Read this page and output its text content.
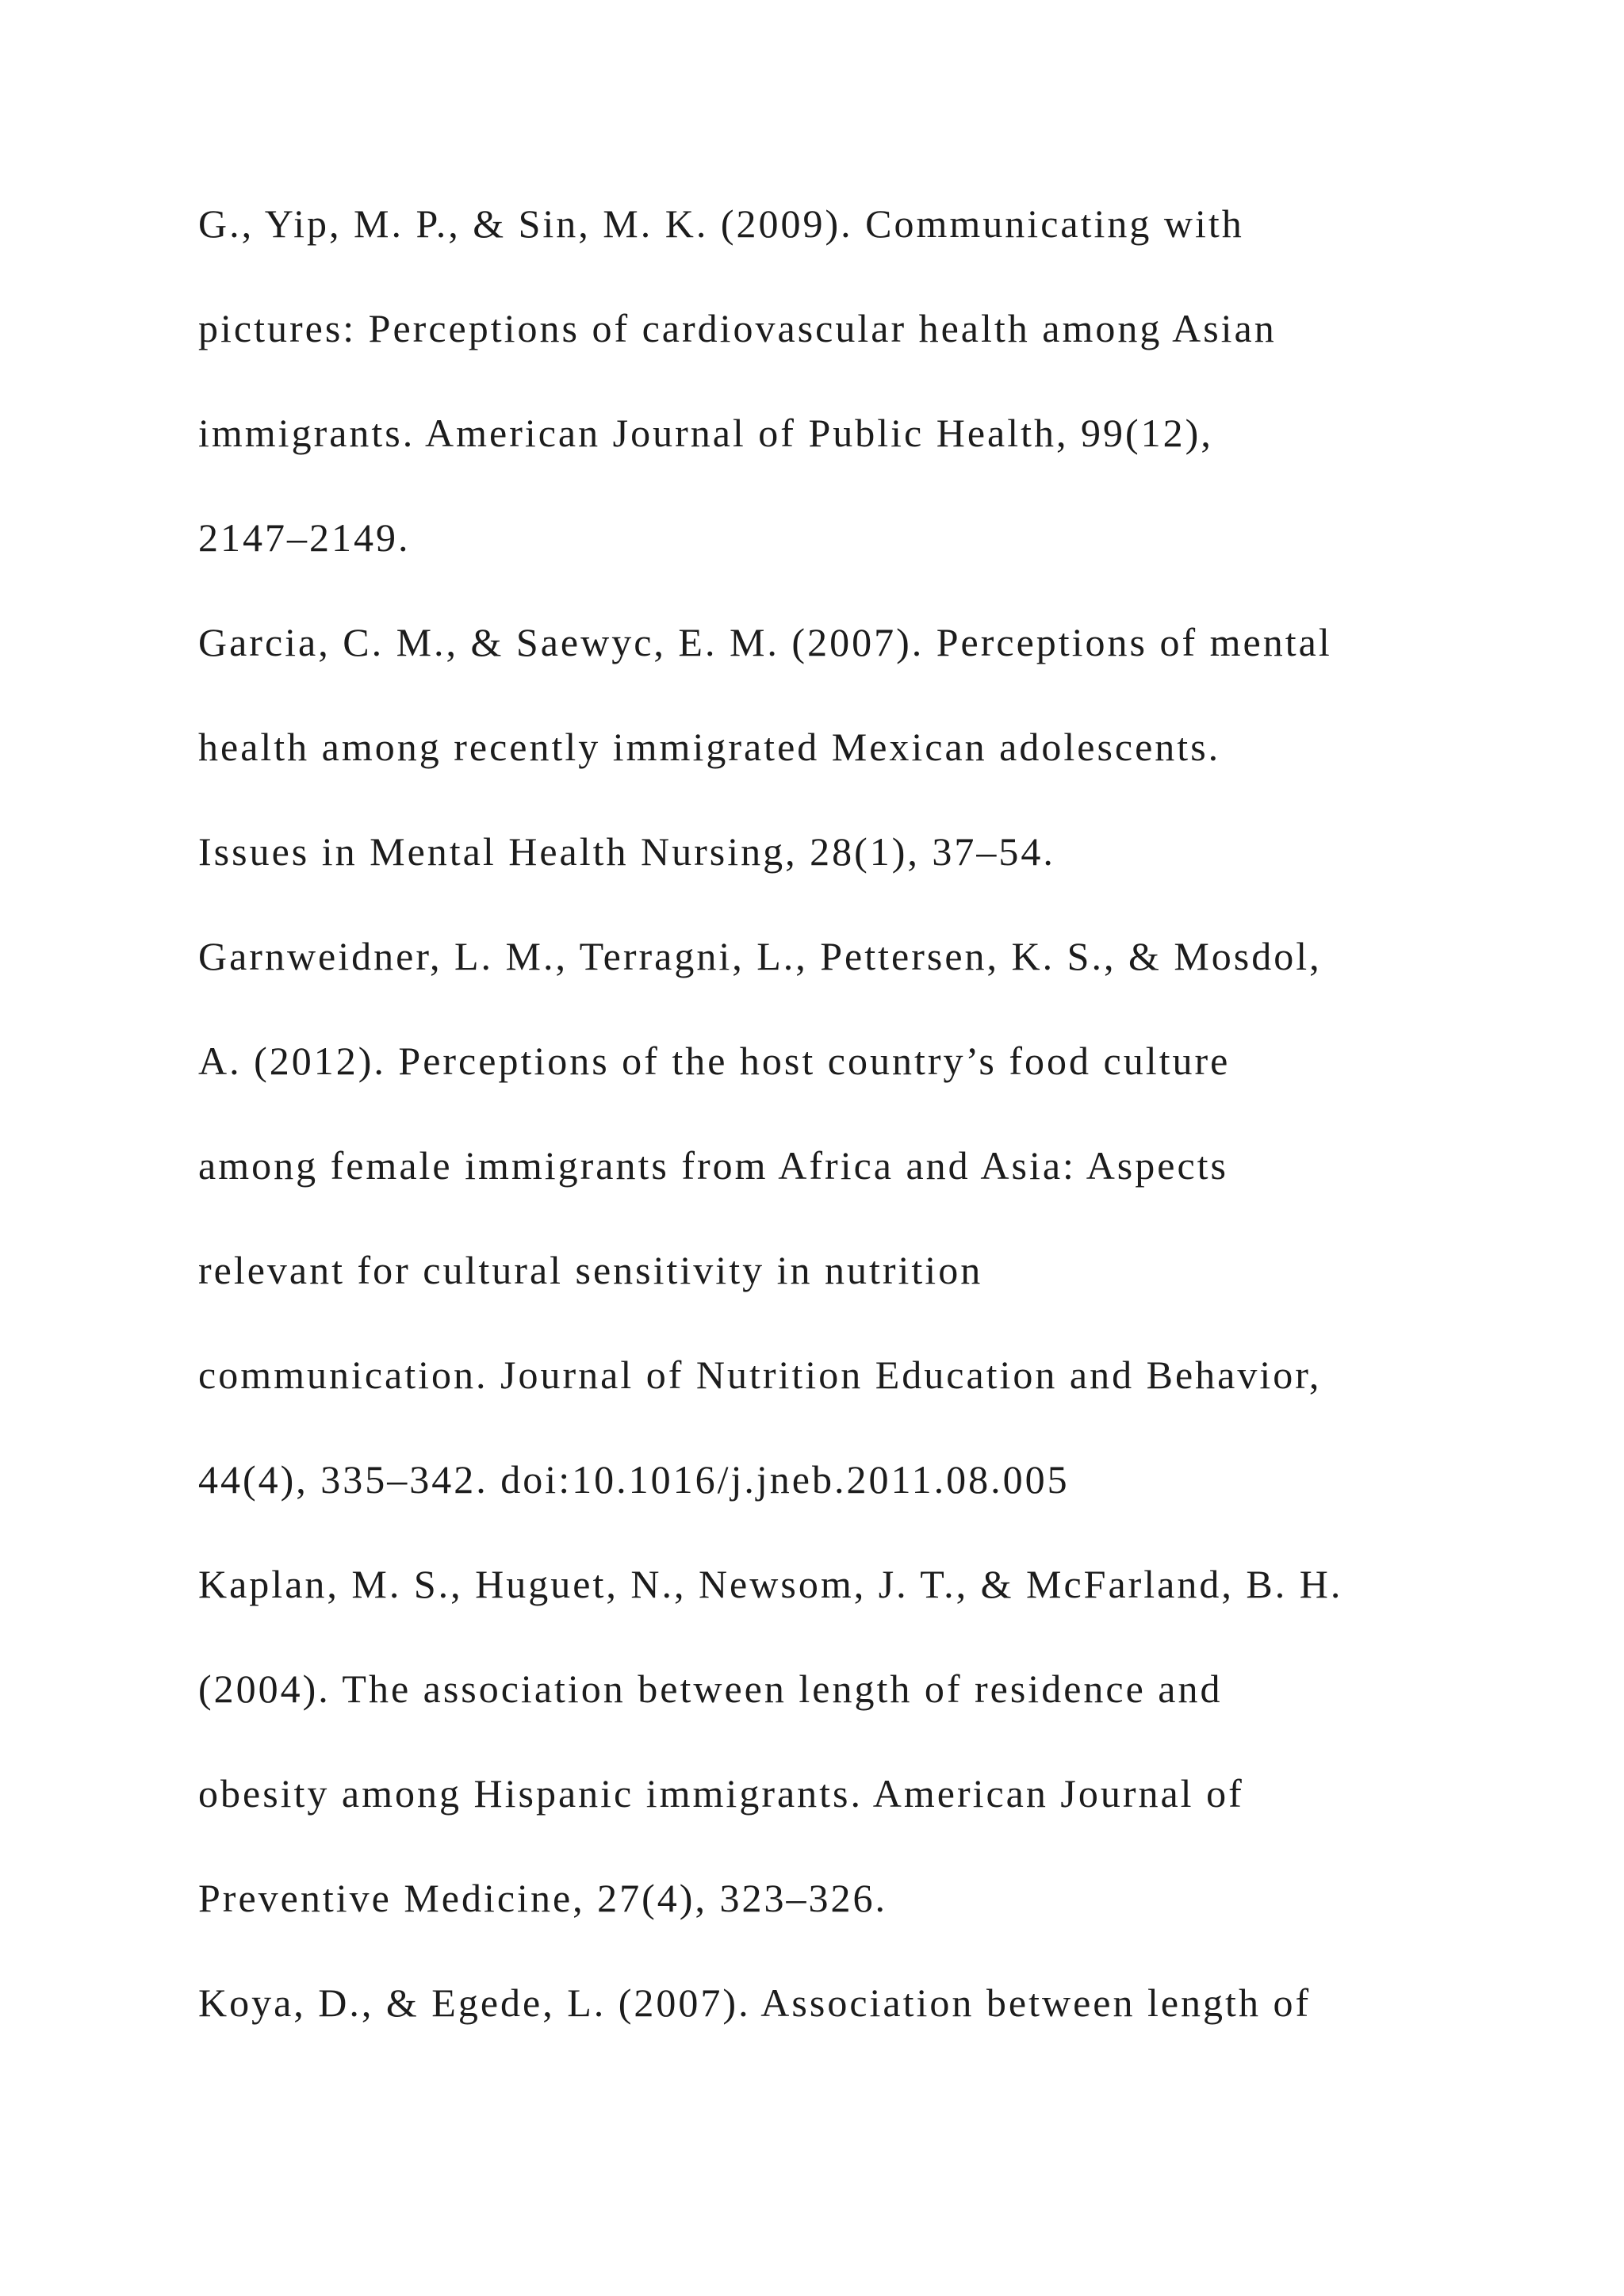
G., Yip, M. P., & Sin, M. K. (2009). Communicating with
pictures: Perceptions of cardiovascular health among Asian
immigrants. American Journal of Public Health, 99(12),
2147–2149.
Garcia, C. M., & Saewyc, E. M. (2007). Perceptions of mental
health among recently immigrated Mexican adolescents.
Issues in Mental Health Nursing, 28(1), 37–54.
Garnweidner, L. M., Terragni, L., Pettersen, K. S., & Mosdol,
A. (2012). Perceptions of the host country’s food culture
among female immigrants from Africa and Asia: Aspects
relevant for cultural sensitivity in nutrition
communication. Journal of Nutrition Education and Behavior,
44(4), 335–342. doi:10.1016/j.jneb.2011.08.005
Kaplan, M. S., Huguet, N., Newsom, J. T., & McFarland, B. H.
(2004). The association between length of residence and
obesity among Hispanic immigrants. American Journal of
Preventive Medicine, 27(4), 323–326.
Koya, D., & Egede, L. (2007). Association between length of
